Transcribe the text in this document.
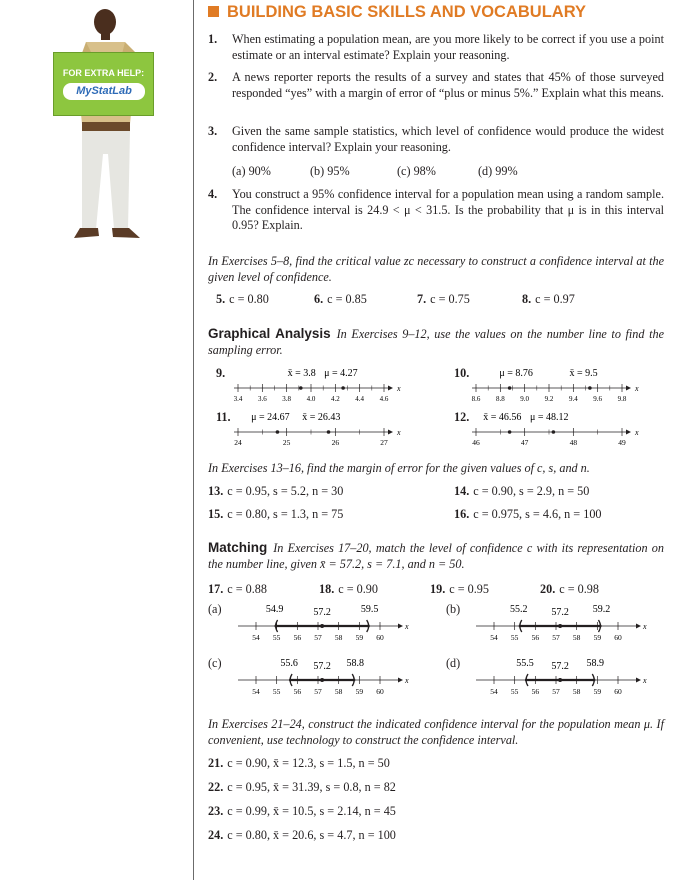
FOR EXTRA HELP:
MyStatLab
BUILDING BASIC SKILLS AND VOCABULARY
1. When estimating a population mean, are you more likely to be correct if you use a point estimate or an interval estimate? Explain your reasoning.
2. A news reporter reports the results of a survey and states that 45% of those surveyed responded “yes” with a margin of error of “plus or minus 5%.” Explain what this means.
3. Given the same sample statistics, which level of confidence would produce the widest confidence interval? Explain your reasoning.
(a) 90%	(b) 95%	(c) 98%	(d) 99%
4. You construct a 95% confidence interval for a population mean using a random sample. The confidence interval is 24.9 < μ < 31.5. Is the probability that μ is in this interval 0.95? Explain.
In Exercises 5–8, find the critical value zc necessary to construct a confidence interval at the given level of confidence.
5. c = 0.80	6. c = 0.85	7. c = 0.75	8. c = 0.97
Graphical Analysis In Exercises 9–12, use the values on the number line to find the sampling error.
9.	10.
11.	12.
x
3.4 3.6 3.8 4.0 4.2 4.4 4.6
x̄ = 3.8 μ = 4.27
x
8.6 8.8 9.0 9.2 9.4 9.6 9.8
μ = 8.76	x̄ = 9.5
x
24	25	26	27
μ = 24.67 x̄ = 26.43
x
46	47	48	49
x̄ = 46.56 μ = 48.12
In Exercises 13–16, find the margin of error for the given values of c, s, and n.
13. c = 0.95, s = 5.2, n = 30	14. c = 0.90, s = 2.9, n = 50
15. c = 0.80, s = 1.3, n = 75	16. c = 0.975, s = 4.6, n = 100
Matching In Exercises 17–20, match the level of confidence c with its representation on the number line, given x̄ = 57.2, s = 7.1, and n = 50.
17. c = 0.88	18. c = 0.90	19. c = 0.95	20. c = 0.98
(a)	(b)
(c)	(d)
x
54 55 56 57 58 59 60
54.9	57.2	59.5
x
54 55 56 57 58 59 60
55.2 57.2 59.2
x
54 55 56 57 58 59 60
55.6 57.2 58.8
x
54 55 56 57 58 59 60
55.5 57.2 58.9
In Exercises 21–24, construct the indicated confidence interval for the population mean μ. If convenient, use technology to construct the confidence interval.
21. c = 0.90, x̄ = 12.3, s = 1.5, n = 50
22. c = 0.95, x̄ = 31.39, s = 0.8, n = 82
23. c = 0.99, x̄ = 10.5, s = 2.14, n = 45
24. c = 0.80, x̄ = 20.6, s = 4.7, n = 100
